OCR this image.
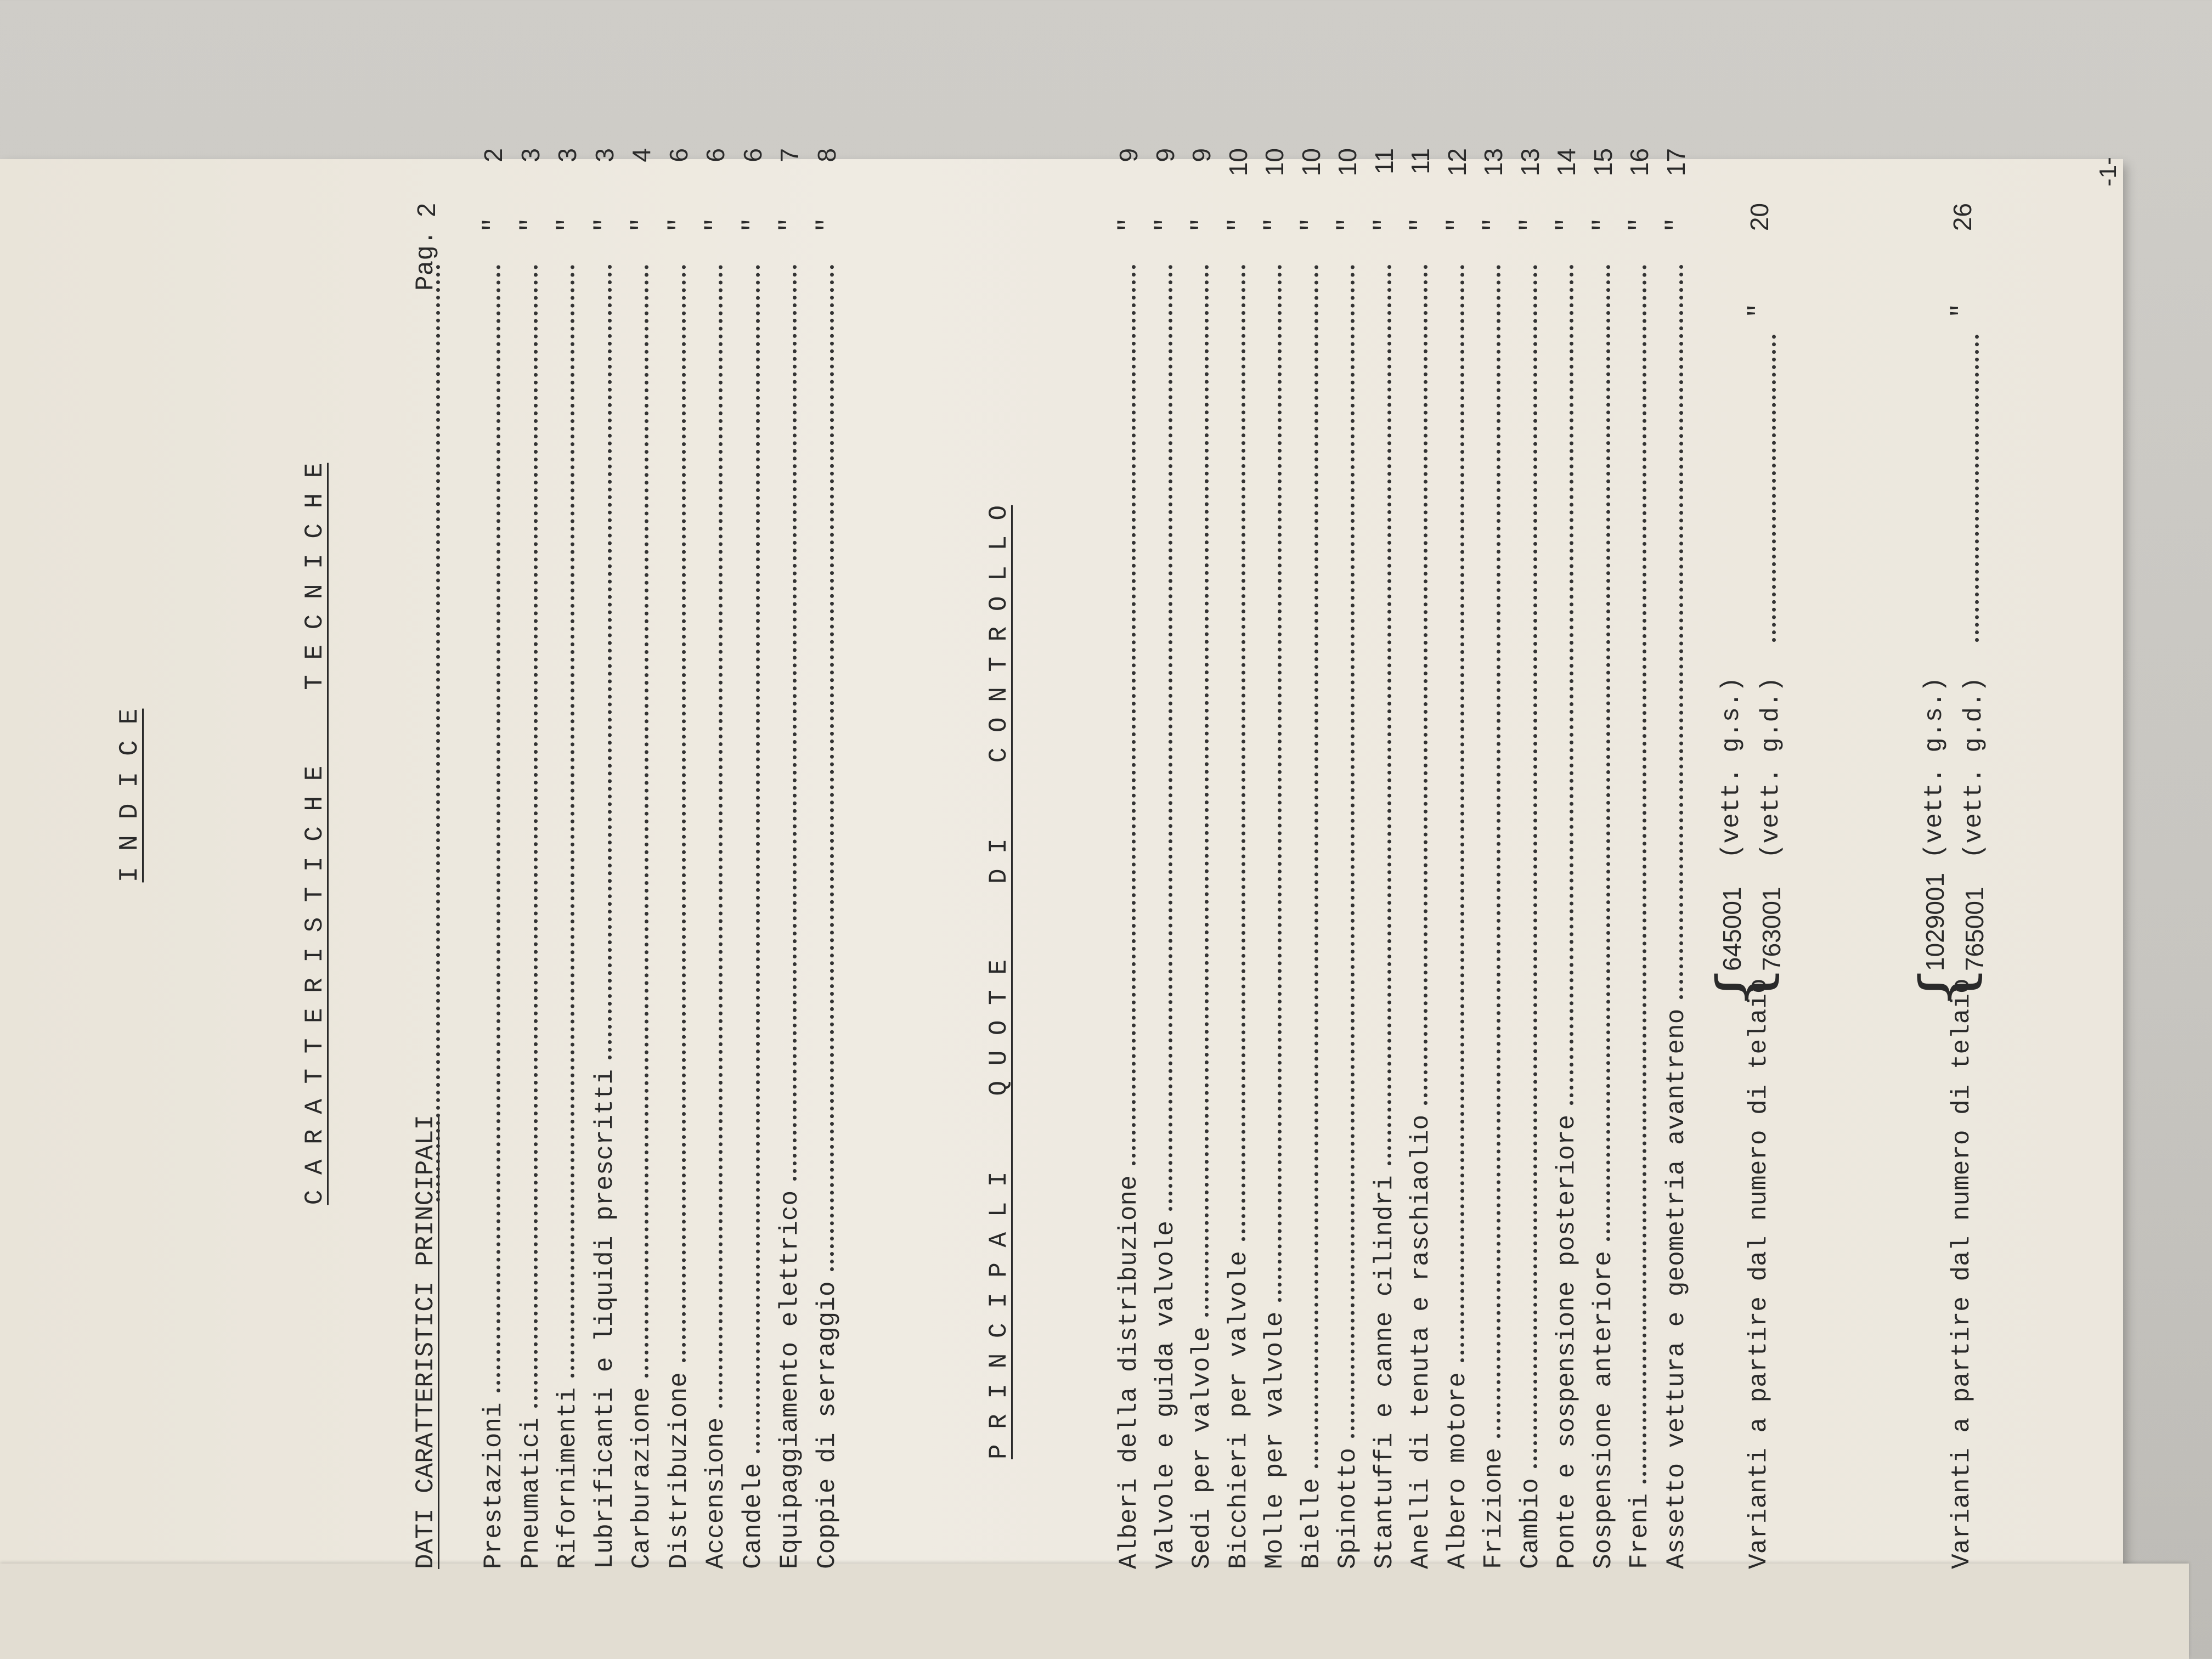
I N D I C E	C A R A T T E R I S T I C H E     T E C N I C H E
DATI CARATTERISTICI PRINCIPALI
Pag.
2
Prestazioni
"
2
Pneumatici
"
3
Rifornimenti
"
3
Lubrificanti e liquidi prescritti
"
3
Carburazione
"
4
Distribuzione
"
6
Accensione
"
6
Candele
"
6
Equipaggiamento elettrico
"
7
Coppie di serraggio
"
8
P R I N C I P A L I     Q U O T E     D I     C O N T R O L L O	Alberi della distribuzione
"
9
Valvole e guida valvole
"
9
Sedi per valvole
"
9
Bicchieri per valvole
"
10
Molle per valvole
"
10
Bielle
"
10
Spinotto
"
10
Stantuffi e canne cilindri
"
11
Anelli di tenuta e raschiaolio
"
11
Albero motore
"
12
Frizione
"
13
Cambio
"
13
Ponte e sospensione posteriore
"
14
Sospensione anteriore
"
15
Freni
"
16
Assetto vettura e geometria avantreno
"
17
Varianti a partire dal numero di telaio
{
645001
(vett. g.s.)
763001
(vett. g.d.)
"
20
Varianti a partire dal numero di telaio
{
1029001
(vett. g.s.)
765001
(vett. g.d.)
"
26
-1-
